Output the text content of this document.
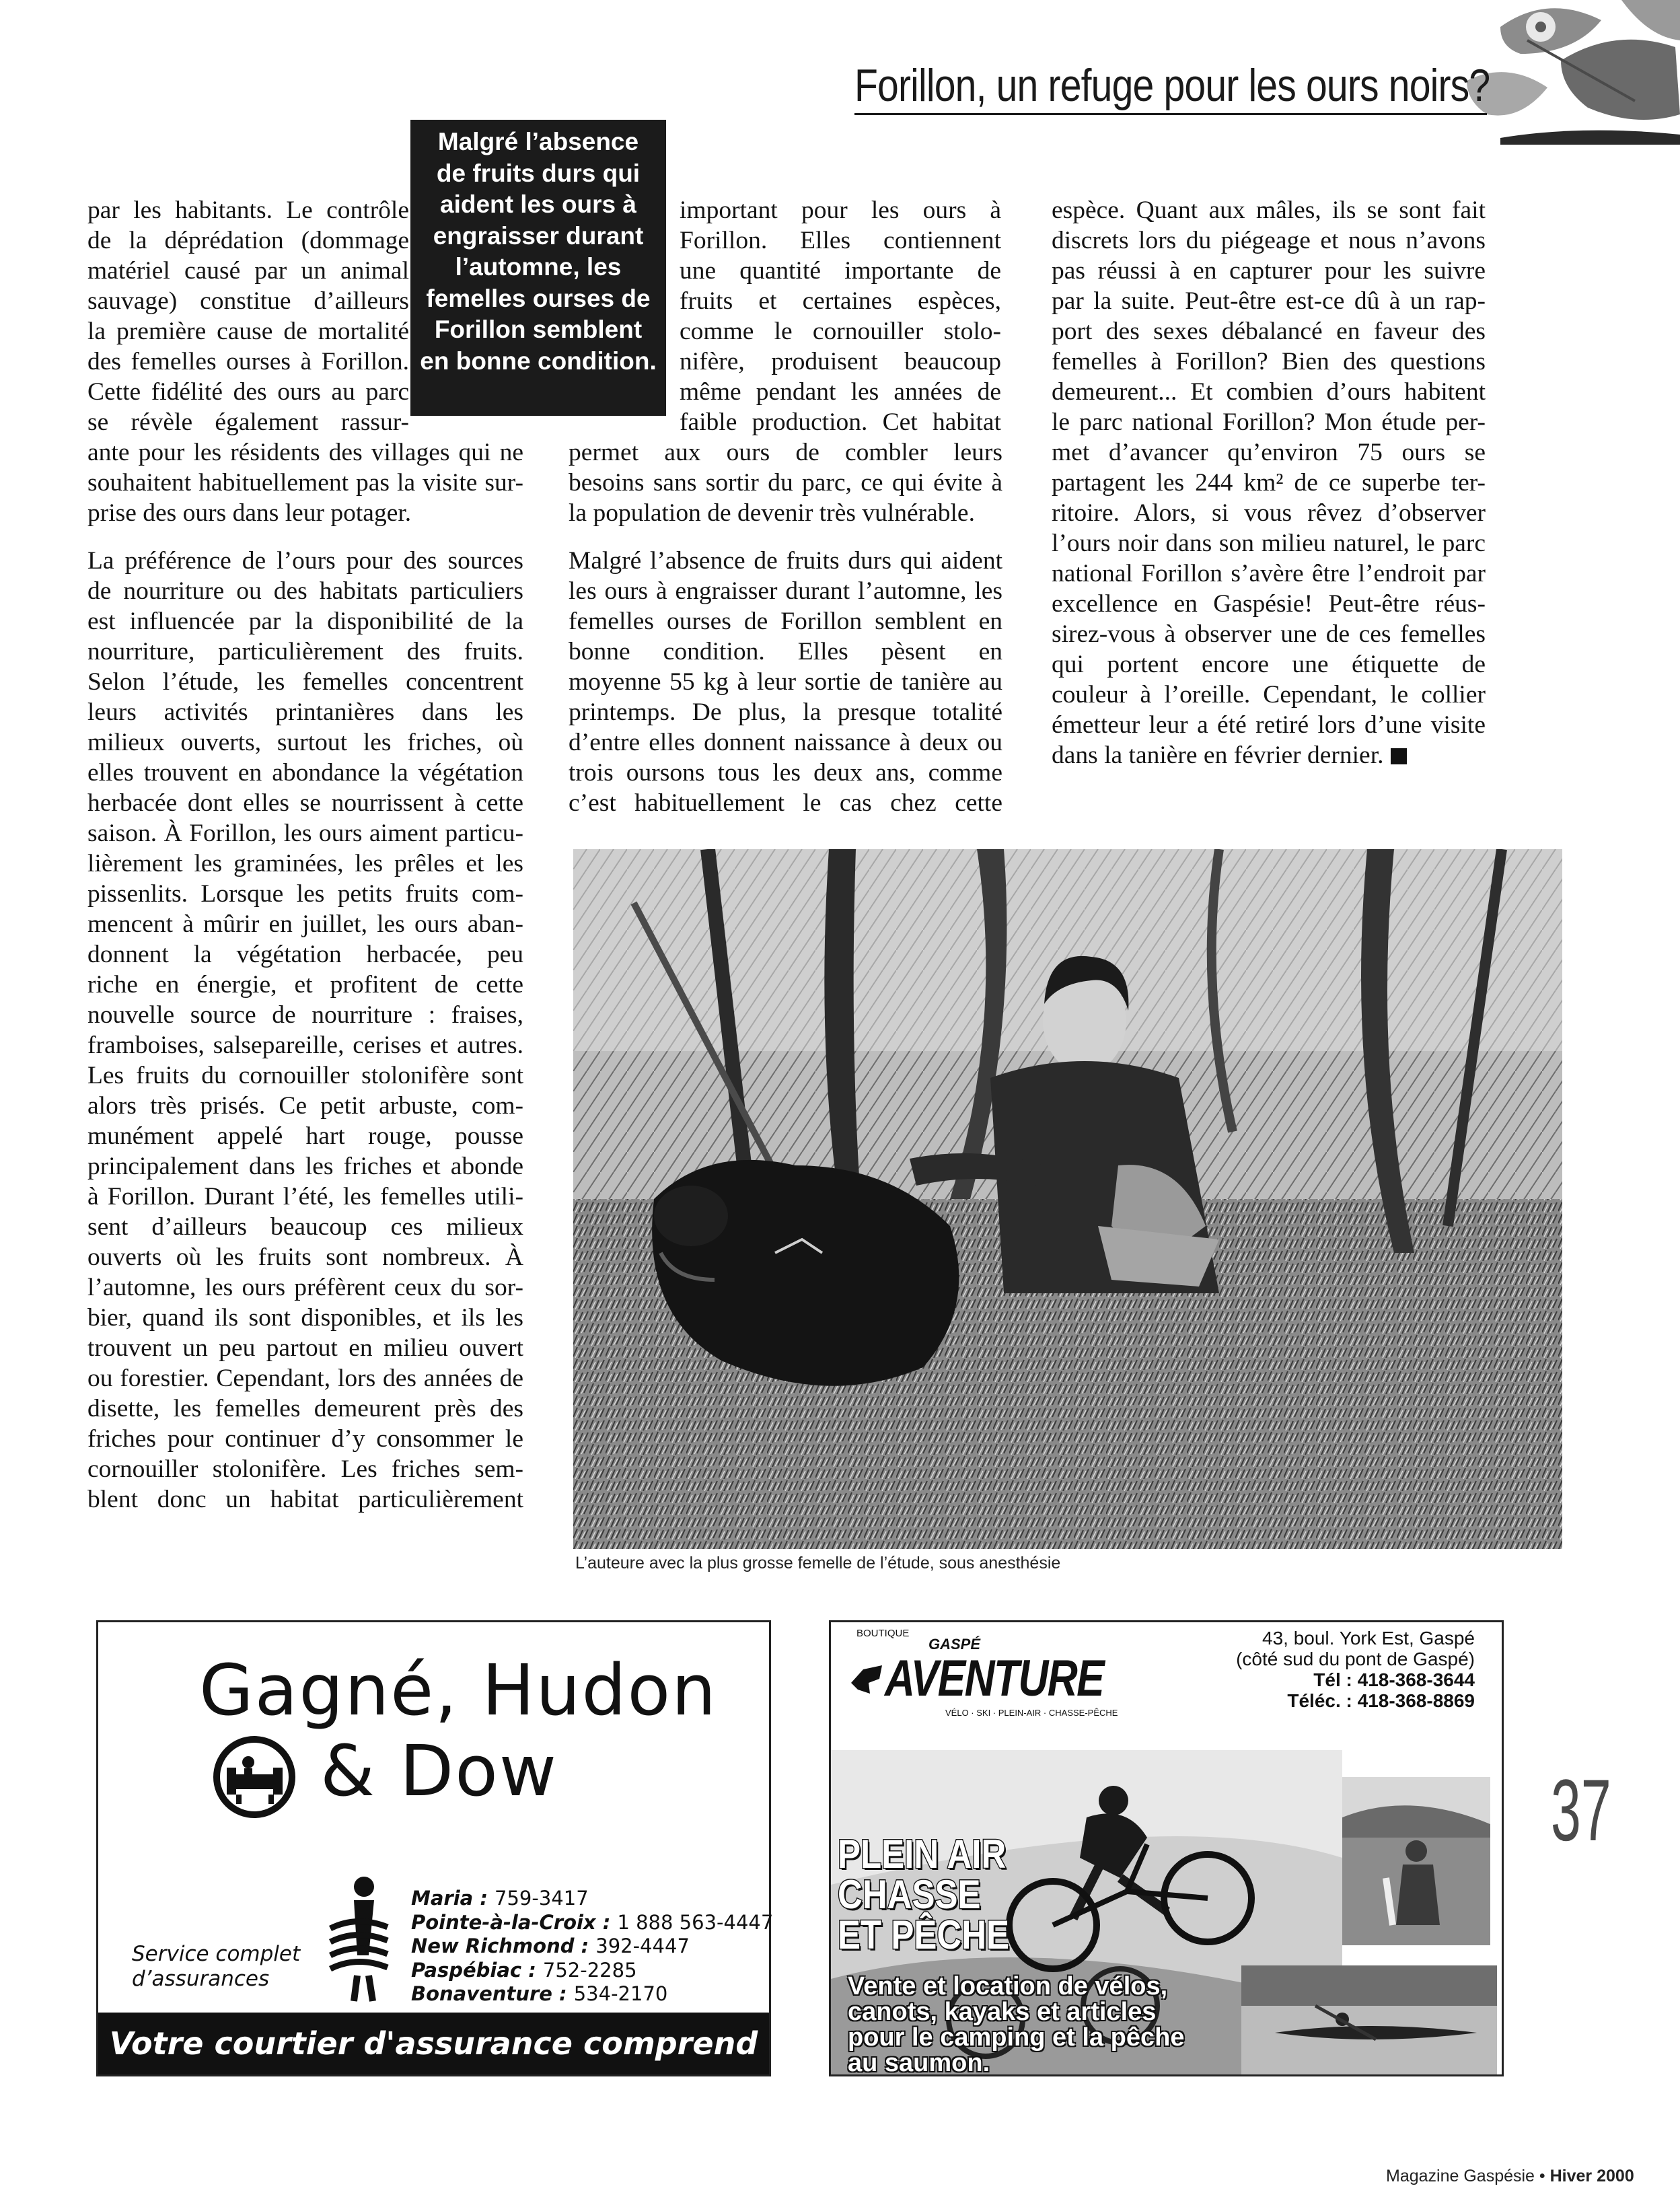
Forillon, un refuge pour les ours noirs?
Malgré l’absence
de fruits durs qui
aident les ours à
engraisser durant
l’automne, les
femelles ourses de
Forillon semblent
en bonne condition.

par les habitants. Le contrôle
de la déprédation (dommage
matériel causé par un animal
sauvage) constitue d’ailleurs
la première cause de mortalité
des femelles ourses à Forillon.
Cette fidélité des ours au parc
se révèle également rassur-

ante pour les résidents des villages qui ne
souhaitent habituellement pas la visite sur-
prise des ours dans leur potager.

La préférence de l’ours pour des sources
de nourriture ou des habitats particuliers
est influencée par la disponibilité de la
nourriture, particulièrement des fruits.
Selon l’étude, les femelles concentrent
leurs activités printanières dans les
milieux ouverts, surtout les friches, où
elles trouvent en abondance la végétation
herbacée dont elles se nourrissent à cette
saison. À Forillon, les ours aiment particu-
lièrement les graminées, les prêles et les
pissenlits. Lorsque les petits fruits com-
mencent à mûrir en juillet, les ours aban-
donnent la végétation herbacée, peu
riche en énergie, et profitent de cette
nouvelle source de nourriture : fraises,
framboises, salsepareille, cerises et autres.
Les fruits du cornouiller stolonifère sont
alors très prisés. Ce petit arbuste, com-
munément appelé hart rouge, pousse
principalement dans les friches et abonde
à Forillon. Durant l’été, les femelles utili-
sent d’ailleurs beaucoup ces milieux
ouverts où les fruits sont nombreux. À
l’automne, les ours préfèrent ceux du sor-
bier, quand ils sont disponibles, et ils les
trouvent un peu partout en milieu ouvert
ou forestier. Cependant, lors des années de
disette, les femelles demeurent près des
friches pour continuer d’y consommer le
cornouiller stolonifère. Les friches sem-
blent donc un habitat particulièrement

important pour les ours à
Forillon. Elles contiennent
une quantité importante de
fruits et certaines espèces,
comme le cornouiller stolo-
nifère, produisent beaucoup
même pendant les années de
faible production. Cet habitat

permet aux ours de combler leurs
besoins sans sortir du parc, ce qui évite à
la population de devenir très vulnérable.

Malgré l’absence de fruits durs qui aident
les ours à engraisser durant l’automne, les
femelles ourses de Forillon semblent en
bonne condition. Elles pèsent en
moyenne 55 kg à leur sortie de tanière au
printemps. De plus, la presque totalité
d’entre elles donnent naissance à deux ou
trois oursons tous les deux ans, comme
c’est habituellement le cas chez cette

espèce. Quant aux mâles, ils se sont fait
discrets lors du piégeage et nous n’avons
pas réussi à en capturer pour les suivre
par la suite. Peut-être est-ce dû à un rap-
port des sexes débalancé en faveur des
femelles à Forillon? Bien des questions
demeurent... Et combien d’ours habitent
le parc national Forillon? Mon étude per-
met d’avancer qu’environ 75 ours se
partagent les 244 km² de ce superbe ter-
ritoire. Alors, si vous rêvez d’observer
l’ours noir dans son milieu naturel, le parc
national Forillon s’avère être l’endroit par
excellence en Gaspésie! Peut-être réus-
sirez-vous à observer une de ces femelles
qui portent encore une étiquette de
couleur à l’oreille. Cependant, le collier
émetteur leur a été retiré lors d’une visite
dans la tanière en février dernier.
L’auteure avec la plus grosse femelle de l’étude, sous anesthésie
Gagné, Hudon
& Dow
Maria : 759-3417
Pointe-à-la-Croix : 1 888 563-4447
New Richmond : 392-4447
Paspébiac : 752-2285
Bonaventure : 534-2170
Service complet
d’assurances
Votre courtier d'assurance comprend
BOUTIQUE
GASPÉ
AVENTURE
VÉLO · SKI · PLEIN-AIR · CHASSE-PÊCHE
43, boul. York Est, Gaspé
(côté sud du pont de Gaspé)
Tél : 418-368-3644
Téléc. : 418-368-8869
PLEIN AIR
CHASSE
ET PÊCHE
Vente et location de vélos,
canots, kayaks et articles
pour le camping et la pêche
au saumon.
37
Magazine Gaspésie • Hiver 2000
